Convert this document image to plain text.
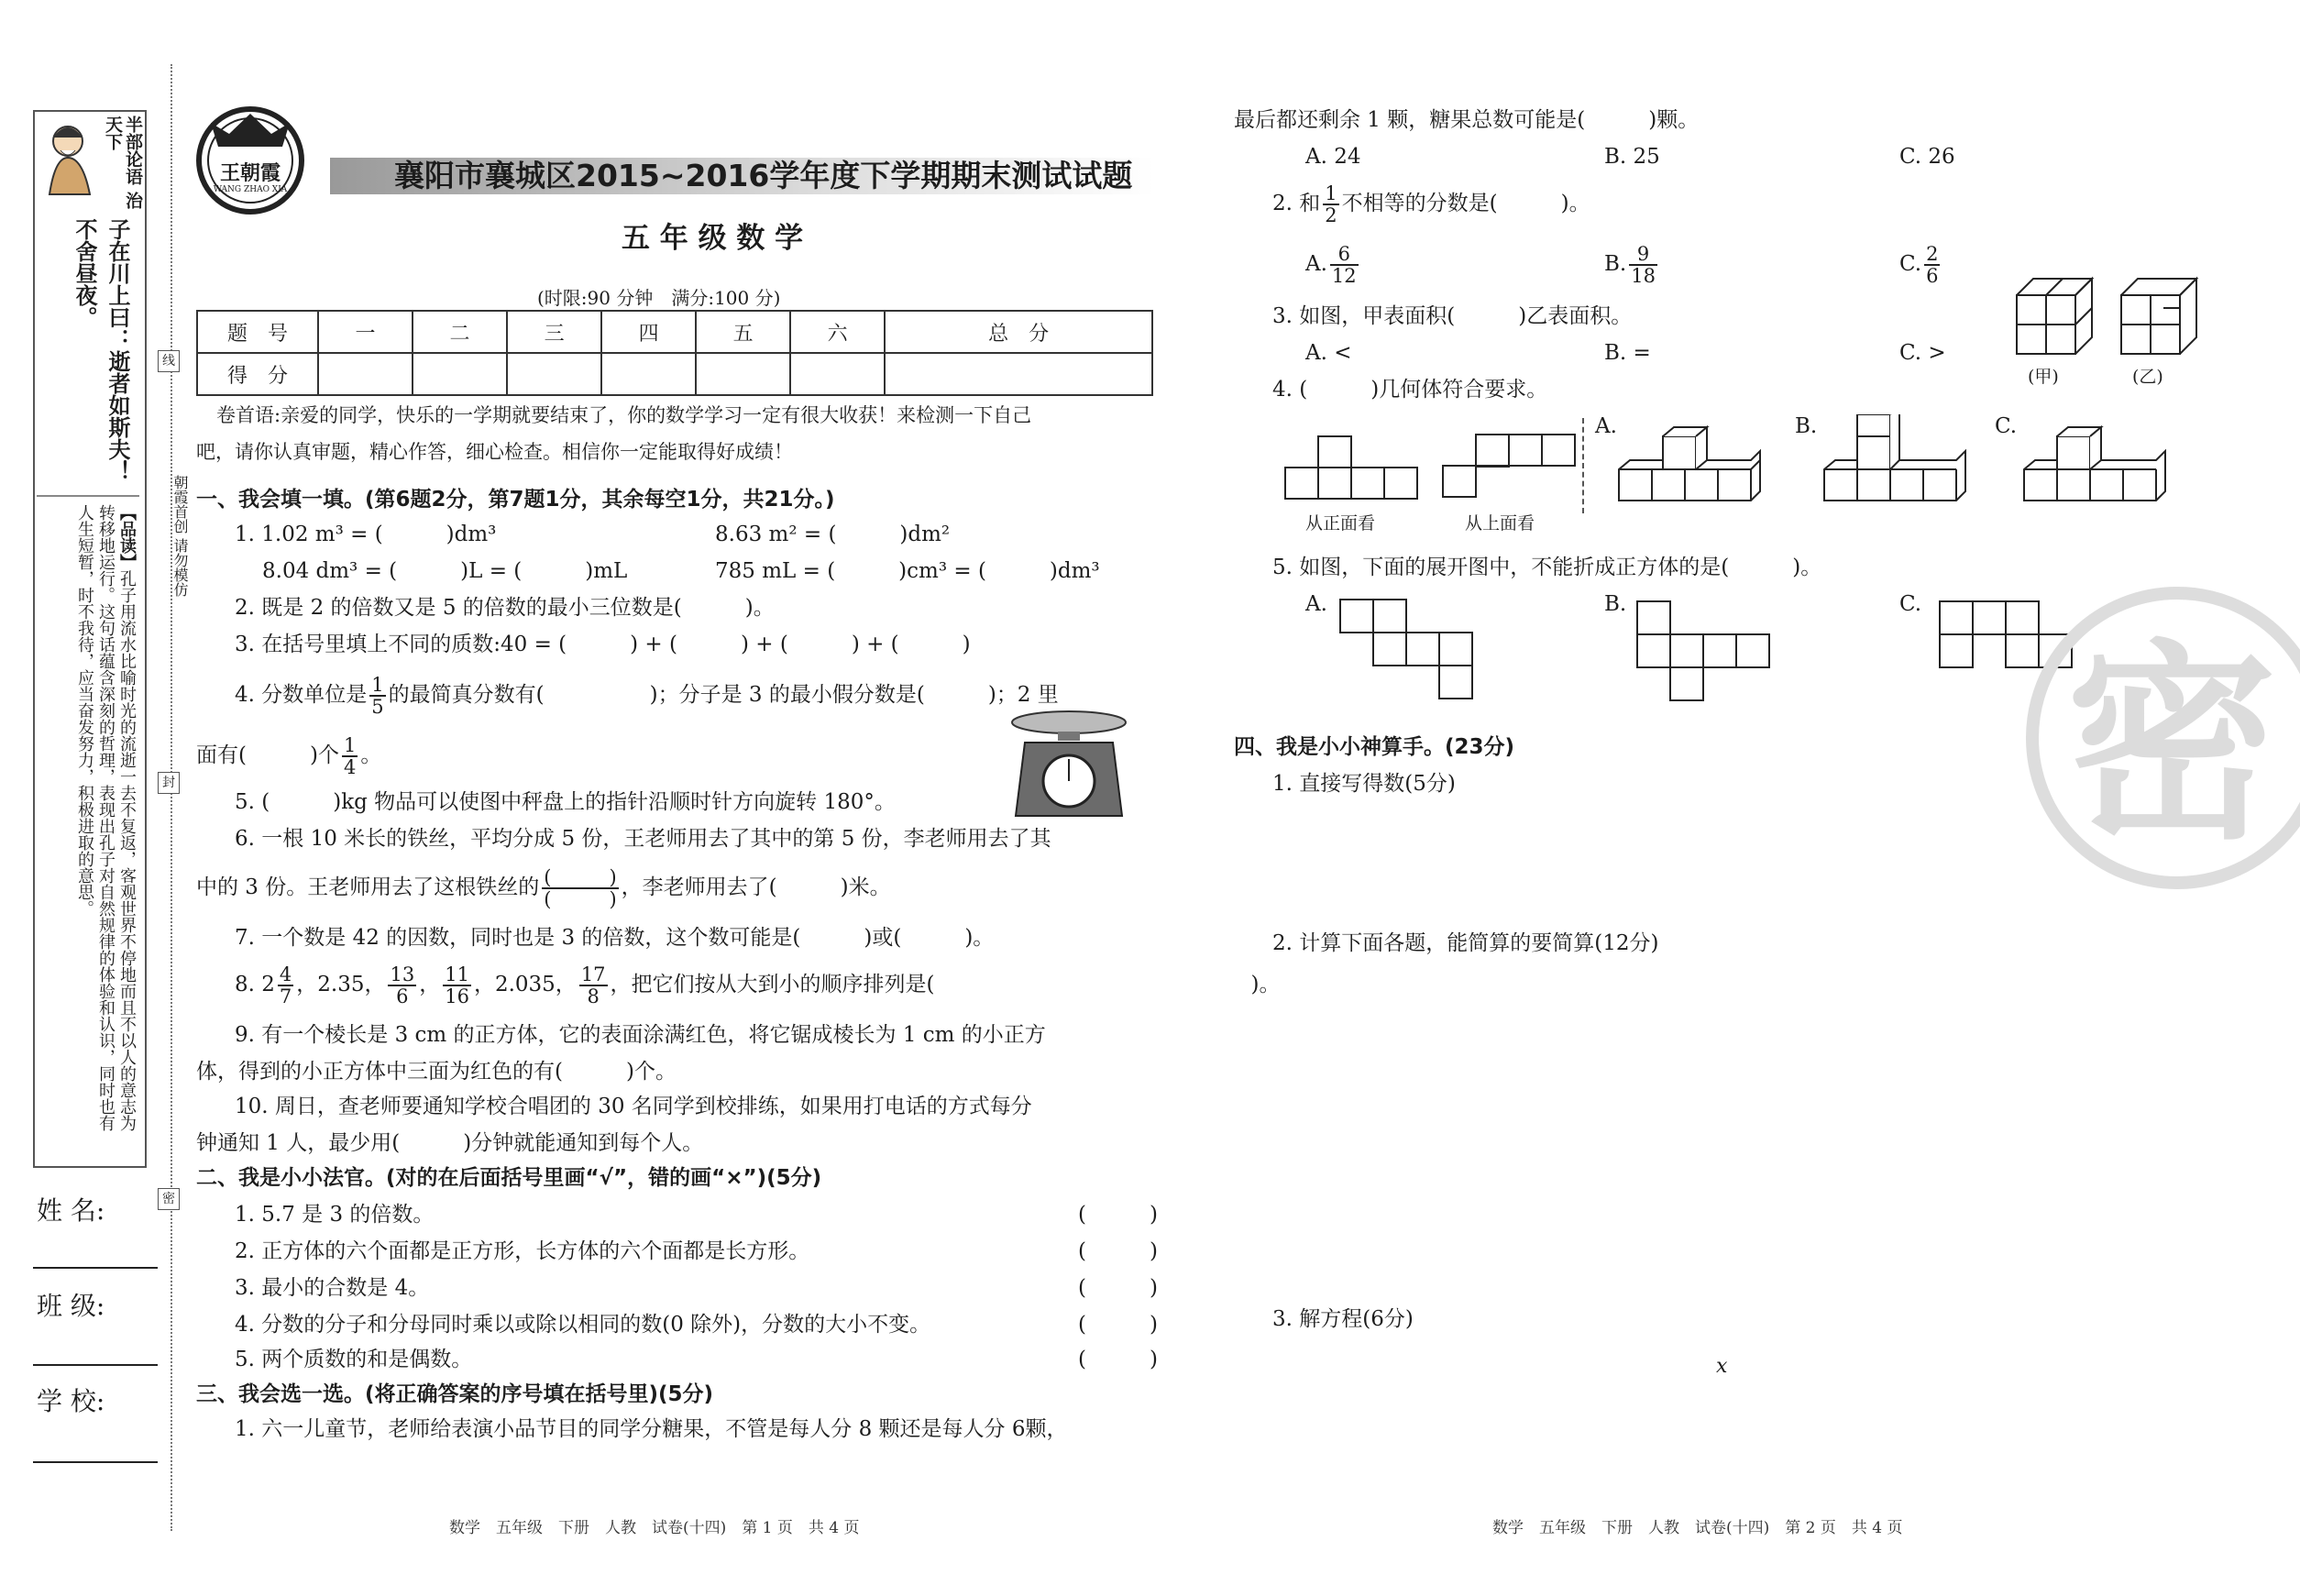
半部论语 治天下
子在川上曰：逝者如斯夫！不舍昼夜。
【品读】孔子用流水比喻时光的流逝一去不复返，客观世界不停地而且不以人的意志为转移地运行。这句话蕴含深刻的哲理，表现出孔子对自然规律的体验和认识，同时也有人生短暂，时不我待，应当奋发努力，积极进取的意思。	朝霞首创 请勿模仿
线
封
密
姓 名:
班 级:
学 校:
王朝霞
WANG ZHAO XIA	襄阳市襄城区2015~2016学年度下学期期末测试试题
五 年 级 数 学
(时限:90 分钟　满分:100 分)
题　号	一	二	三	四	五	六	总　分
得　分							
卷首语:亲爱的同学，快乐的一学期就要结束了，你的数学学习一定有很大收获！来检测一下自己
吧，请你认真审题，精心作答，细心检查。相信你一定能取得好成绩！
一、我会填一填。(第6题2分，第7题1分，其余每空1分，共21分。)
1. 1.02 m³ = (　　　)dm³	8.63 m² = (　　　)dm²
8.04 dm³ = (　　　)L = (　　　)mL	785 mL = (　　　)cm³ = (　　　)dm³
2. 既是 2 的倍数又是 5 的倍数的最小三位数是(　　　)。
3. 在括号里填上不同的质数:40 = (　　　) + (　　　) + (　　　) + (　　　)
4. 分数单位是 $\frac{1}{5}$ 的最简真分数有(　　　　　)；分子是 3 的最小假分数是(　　　)；2 里
面有(　　　)个 $\frac{1}{4}$ 。
5. (　　　)kg 物品可以使图中秤盘上的指针沿顺时针方向旋转 180°。
6. 一根 10 米长的铁丝，平均分成 5 份，王老师用去了其中的第 5 份，李老师用去了其
中的 3 份。王老师用去了这根铁丝的 $\frac{( )}{( )}$ ，李老师用去了(　　　)米。
7. 一个数是 42 的因数，同时也是 3 的倍数，这个数可能是(　　　)或(　　　)。
8. $2 \frac{4}{7}$ ，2.35， $\frac{13}{6}$ ， $\frac{11}{16}$ ，2.035， $\frac{17}{8}$ ，把它们按从大到小的顺序排列是(　　　　　　　　　　　　　　　)。
9. 有一个棱长是 3 cm 的正方体，它的表面涂满红色，将它锯成棱长为 1 cm 的小正方
体，得到的小正方体中三面为红色的有(　　　)个。
10. 周日，查老师要通知学校合唱团的 30 名同学到校排练，如果用打电话的方式每分
钟通知 1 人，最少用(　　　)分钟就能通知到每个人。
二、我是小小法官。(对的在后面括号里画“√”，错的画“×”)(5分)
1. 5.7 是 3 的倍数。	(　　　)
2. 正方体的六个面都是正方形，长方体的六个面都是长方形。	(　　　)
3. 最小的合数是 4。	(　　　)
4. 分数的分子和分母同时乘以或除以相同的数(0 除外)，分数的大小不变。	(　　　)
5. 两个质数的和是偶数。	(　　　)
三、我会选一选。(将正确答案的序号填在括号里)(5分)
1. 六一儿童节，老师给表演小品节目的同学分糖果，不管是每人分 8 颗还是每人分 6颗，
数学　五年级　下册　人教　试卷(十四)　第 1 页　共 4 页
最后都还剩余 1 颗，糖果总数可能是(　　　)颗。
A. 24	B. 25	C. 26
2. 和 $\frac{1}{2}$ 不相等的分数是(　　　)。
A. $\frac{6}{12}$	B. $\frac{9}{18}$	C. $\frac{2}{6}$
3. 如图，甲表面积(　　　)乙表面积。
A. <	B. =	C. >
(甲)	(乙)
4. (　　　)几何体符合要求。
从正面看	从上面看
A.	B.	C.
5. 如图，下面的展开图中，不能折成正方体的是(　　　)。
A.	B.	C.
四、我是小小神算手。(23分)
1. 直接写得数(5分)
2. 计算下面各题，能简算的要简算(12分)
3. 解方程(6分)
x
数学　五年级　下册　人教　试卷(十四)　第 2 页　共 4 页
密
